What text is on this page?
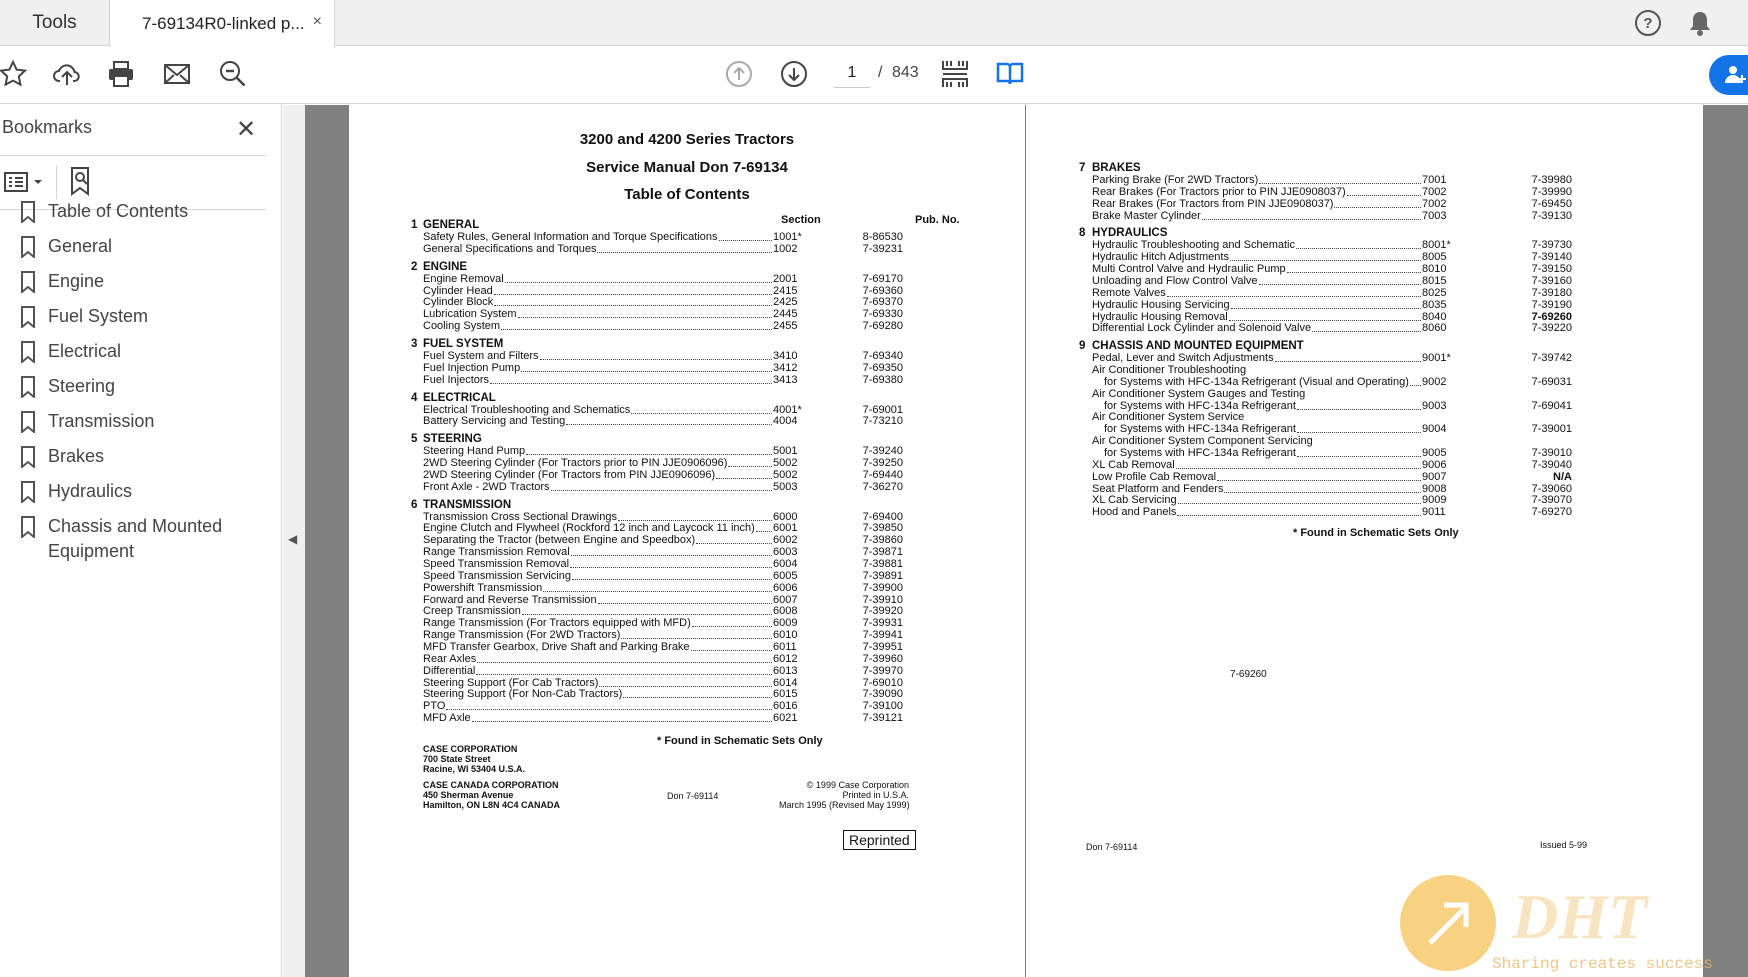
Tools	7-69134R0-linked p... ×	?
1	/ 843
Bookmarks	✕
Table of Contents
General
Engine
Fuel System
Electrical
Steering
Transmission
Brakes
Hydraulics
Chassis and Mounted Equipment
◀
3200 and 4200 Series Tractors
Service Manual Don 7-69134
Table of Contents
Section	Pub. No.
1 GENERAL
Safety Rules, General Information and Torque Specifications	1001*	8-86530
General Specifications and Torques	1002	7-39231
2 ENGINE
Engine Removal	2001	7-69170
Cylinder Head	2415	7-69360
Cylinder Block	2425	7-69370
Lubrication System	2445	7-69330
Cooling System	2455	7-69280
3 FUEL SYSTEM
Fuel System and Filters	3410	7-69340
Fuel Injection Pump	3412	7-69350
Fuel Injectors	3413	7-69380
4 ELECTRICAL
Electrical Troubleshooting and Schematics	4001*	7-69001
Battery Servicing and Testing	4004	7-73210
5 STEERING
Steering Hand Pump	5001	7-39240
2WD Steering Cylinder (For Tractors prior to PIN JJE0906096)	5002	7-39250
2WD Steering Cylinder (For Tractors from PIN JJE0906096)	5002	7-69440
Front Axle - 2WD Tractors	5003	7-36270
6 TRANSMISSION
Transmission Cross Sectional Drawings	6000	7-69400
Engine Clutch and Flywheel (Rockford 12 inch and Laycock 11 inch) 6001	7-39850
Separating the Tractor (between Engine and Speedbox)	6002	7-39860
Range Transmission Removal	6003	7-39871
Speed Transmission Removal	6004	7-39881
Speed Transmission Servicing	6005	7-39891
Powershift Transmission	6006	7-39900
Forward and Reverse Transmission	6007	7-39910
Creep Transmission	6008	7-39920
Range Transmission (For Tractors equipped with MFD)	6009	7-39931
Range Transmission (For 2WD Tractors)	6010	7-39941
MFD Transfer Gearbox, Drive Shaft and Parking Brake	6011	7-39951
Rear Axles	6012	7-39960
Differential	6013	7-39970
Steering Support (For Cab Tractors)	6014	7-69010
Steering Support (For Non-Cab Tractors)	6015	7-39090
PTO	6016	7-39100
MFD Axle	6021	7-39121
* Found in Schematic Sets Only
CASE CORPORATION
700 State Street
Racine, WI 53404 U.S.A.
CASE CANADA CORPORATION
450 Sherman Avenue
Hamilton, ON L8N 4C4 CANADA
Don 7-69114
© 1999 Case Corporation
Printed in U.S.A.
March 1995 (Revised May 1999)
Reprinted
7 BRAKES
Parking Brake (For 2WD Tractors)	7001	7-39980
Rear Brakes (For Tractors prior to PIN JJE0908037)	7002	7-39990
Rear Brakes (For Tractors from PIN JJE0908037)	7002	7-69450
Brake Master Cylinder	7003	7-39130
8 HYDRAULICS
Hydraulic Troubleshooting and Schematic	8001*	7-39730
Hydraulic Hitch Adjustments	8005	7-39140
Multi Control Valve and Hydraulic Pump	8010	7-39150
Unloading and Flow Control Valve	8015	7-39160
Remote Valves	8025	7-39180
Hydraulic Housing Servicing	8035	7-39190
Hydraulic Housing Removal	8040	7-69260
Differential Lock Cylinder and Solenoid Valve	8060	7-39220
9 CHASSIS AND MOUNTED EQUIPMENT
Pedal, Lever and Switch Adjustments	9001*	7-39742
Air Conditioner Troubleshooting
for Systems with HFC-134a Refrigerant (Visual and Operating) 9002	7-69031
Air Conditioner System Gauges and Testing
for Systems with HFC-134a Refrigerant	9003	7-69041
Air Conditioner System Service
for Systems with HFC-134a Refrigerant	9004	7-39001
Air Conditioner System Component Servicing
for Systems with HFC-134a Refrigerant	9005	7-39010
XL Cab Removal	9006	7-39040
Low Profile Cab Removal	9007	N/A
Seat Platform and Fenders	9008	7-39060
XL Cab Servicing	9009	7-39070
Hood and Panels	9011	7-69270
* Found in Schematic Sets Only
7-69260
Don 7-69114	Issued 5-99
DHT
Sharing creates success
